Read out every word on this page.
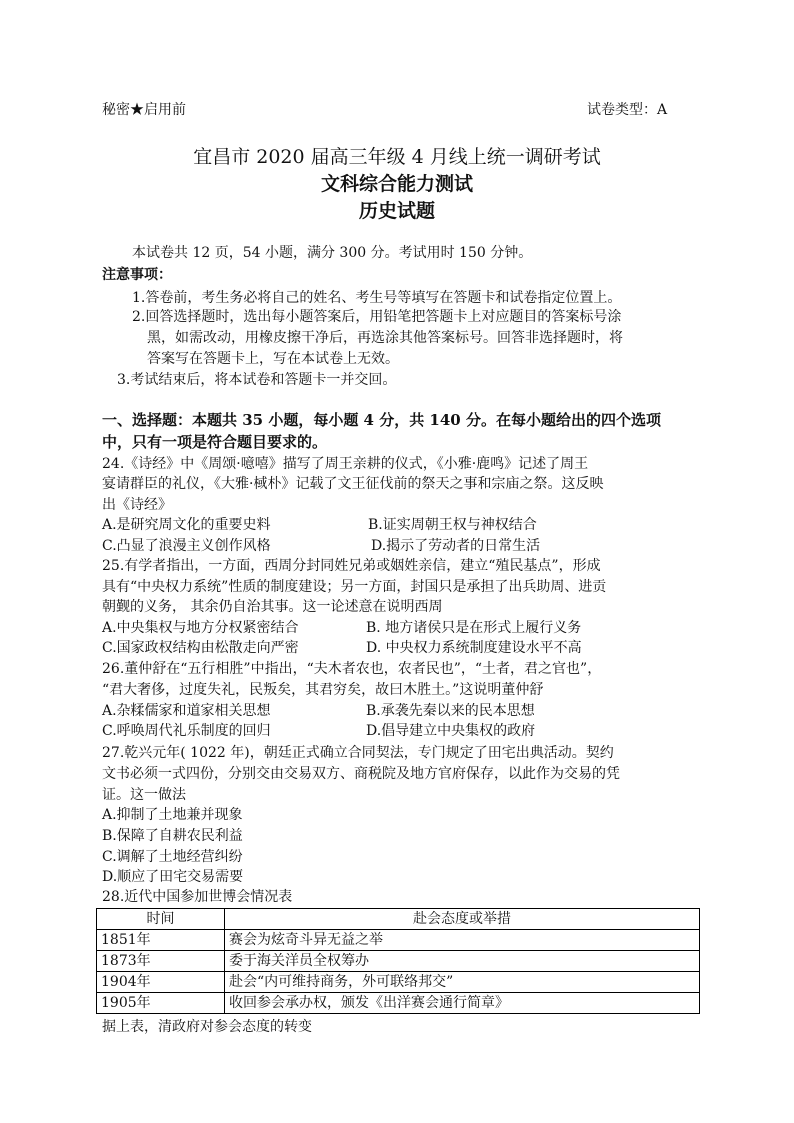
秘密★启用前	试卷类型：A
宜昌市 2020 届高三年级 4 月线上统一调研考试
文科综合能力测试
历史试题
本试卷共 12 页，54 小题，满分 300 分。考试用时 150 分钟。
注意事项：
1.答卷前，考生务必将自己的姓名、考生号等填写在答题卡和试卷指定位置上。
2.回答选择题时，选出每小题答案后，用铅笔把答题卡上对应题目的答案标号涂
黑，如需改动，用橡皮擦干净后，再选涂其他答案标号。回答非选择题时，将
答案写在答题卡上，写在本试卷上无效。
3.考试结束后，将本试卷和答题卡一并交回。
一、选择题：本题共 35 小题，每小题 4 分，共 140 分。在每小题给出的四个选项
中，只有一项是符合题目要求的。
24.《诗经》中《周颂·噫嘻》描写了周王亲耕的仪式，《小雅·鹿鸣》记述了周王
宴请群臣的礼仪，《大雅·棫朴》记载了文王征伐前的祭天之事和宗庙之祭。这反映
出《诗经》
A.是研究周文化的重要史料	B.证实周朝王权与神权结合
C.凸显了浪漫主义创作风格	D.揭示了劳动者的日常生活
25.有学者指出，一方面，西周分封同姓兄弟或姻姓亲信，建立“殖民基点”，形成
具有“中央权力系统”性质的制度建设；另一方面，封国只是承担了出兵助周、进贡
朝觐的义务， 其余仍自治其事。这一论述意在说明西周
A.中央集权与地方分权紧密结合	B. 地方诸侯只是在形式上履行义务
C.国家政权结构由松散走向严密	D. 中央权力系统制度建设水平不高
26.董仲舒在“五行相胜”中指出，“夫木者农也，农者民也”，“土者，君之官也”，
“君大奢侈，过度失礼，民叛矣，其君穷矣，故曰木胜土。”这说明董仲舒
A.杂糅儒家和道家相关思想	B.承袭先秦以来的民本思想
C.呼唤周代礼乐制度的回归	D.倡导建立中央集权的政府
27.乾兴元年( 1022 年)，朝廷正式确立合同契法，专门规定了田宅出典活动。契约
文书必须一式四份，分别交由交易双方、商税院及地方官府保存，以此作为交易的凭
证。这一做法
A.抑制了土地兼并现象
B.保障了自耕农民利益
C.调解了土地经营纠纷
D.顺应了田宅交易需要
28.近代中国参加世博会情况表
时间	赴会态度或举措
1851年	赛会为炫奇斗异无益之举
1873年	委于海关洋员全权筹办
1904年	赴会“内可维持商务，外可联络邦交”
1905年	收回参会承办权，颁发《出洋赛会通行简章》
据上表，清政府对参会态度的转变
